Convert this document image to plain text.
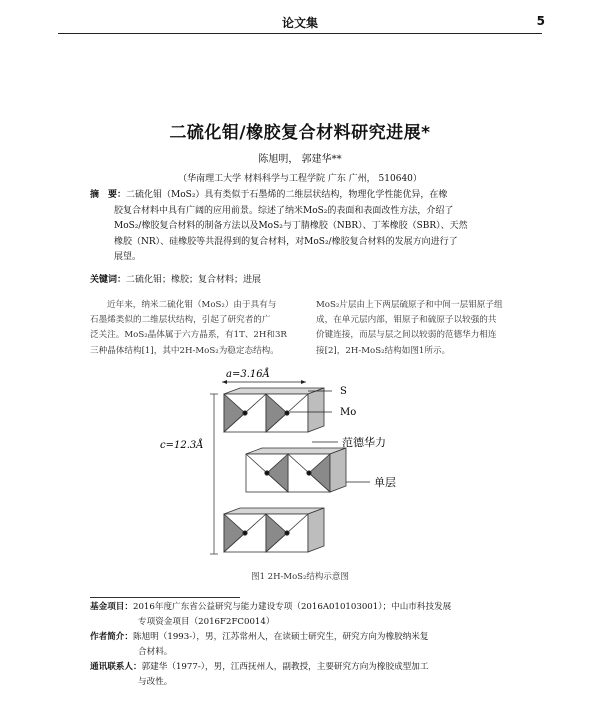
论文集	5
二硫化钼/橡胶复合材料研究进展*
陈旭明， 郭建华**
（华南理工大学 材料科学与工程学院 广东 广州， 510640）
摘　要：二硫化钼（MoS₂）具有类似于石墨烯的二维层状结构，物理化学性能优异，在橡
胶复合材料中具有广阔的应用前景。综述了纳米MoS₂的表面和表面改性方法，介绍了
MoS₂/橡胶复合材料的制备方法以及MoS₂与丁腈橡胶（NBR）、丁苯橡胶（SBR）、天然
橡胶（NR）、硅橡胶等共混得到的复合材料，对MoS₂/橡胶复合材料的发展方向进行了
展望。
关键词：二硫化钼；橡胶；复合材料；进展
近年来，纳米二硫化钼（MoS₂）由于具有与
石墨烯类似的二维层状结构，引起了研究者的广
泛关注。MoS₂晶体属于六方晶系，有1T、2H和3R
三种晶体结构[1]，其中2H-MoS₂为稳定态结构。
MoS₂片层由上下两层硫原子和中间一层钼原子组
成，在单元层内部，钼原子和硫原子以较强的共
价键连接，而层与层之间以较弱的范德华力相连
接[2]，2H-MoS₂结构如图1所示。
a=3.16Å
c=12.3Å
S
Mo
范德华力
单层
图1 2H-MoS₂结构示意图
基金项目：2016年度广东省公益研究与能力建设专项（2016A010103001）；中山市科技发展
专项资金项目（2016F2FC0014）
作者简介：陈旭明（1993-），男，江苏常州人，在读硕士研究生，研究方向为橡胶纳米复
合材料。
通讯联系人：郭建华（1977-），男，江西抚州人，副教授，主要研究方向为橡胶成型加工
与改性。
